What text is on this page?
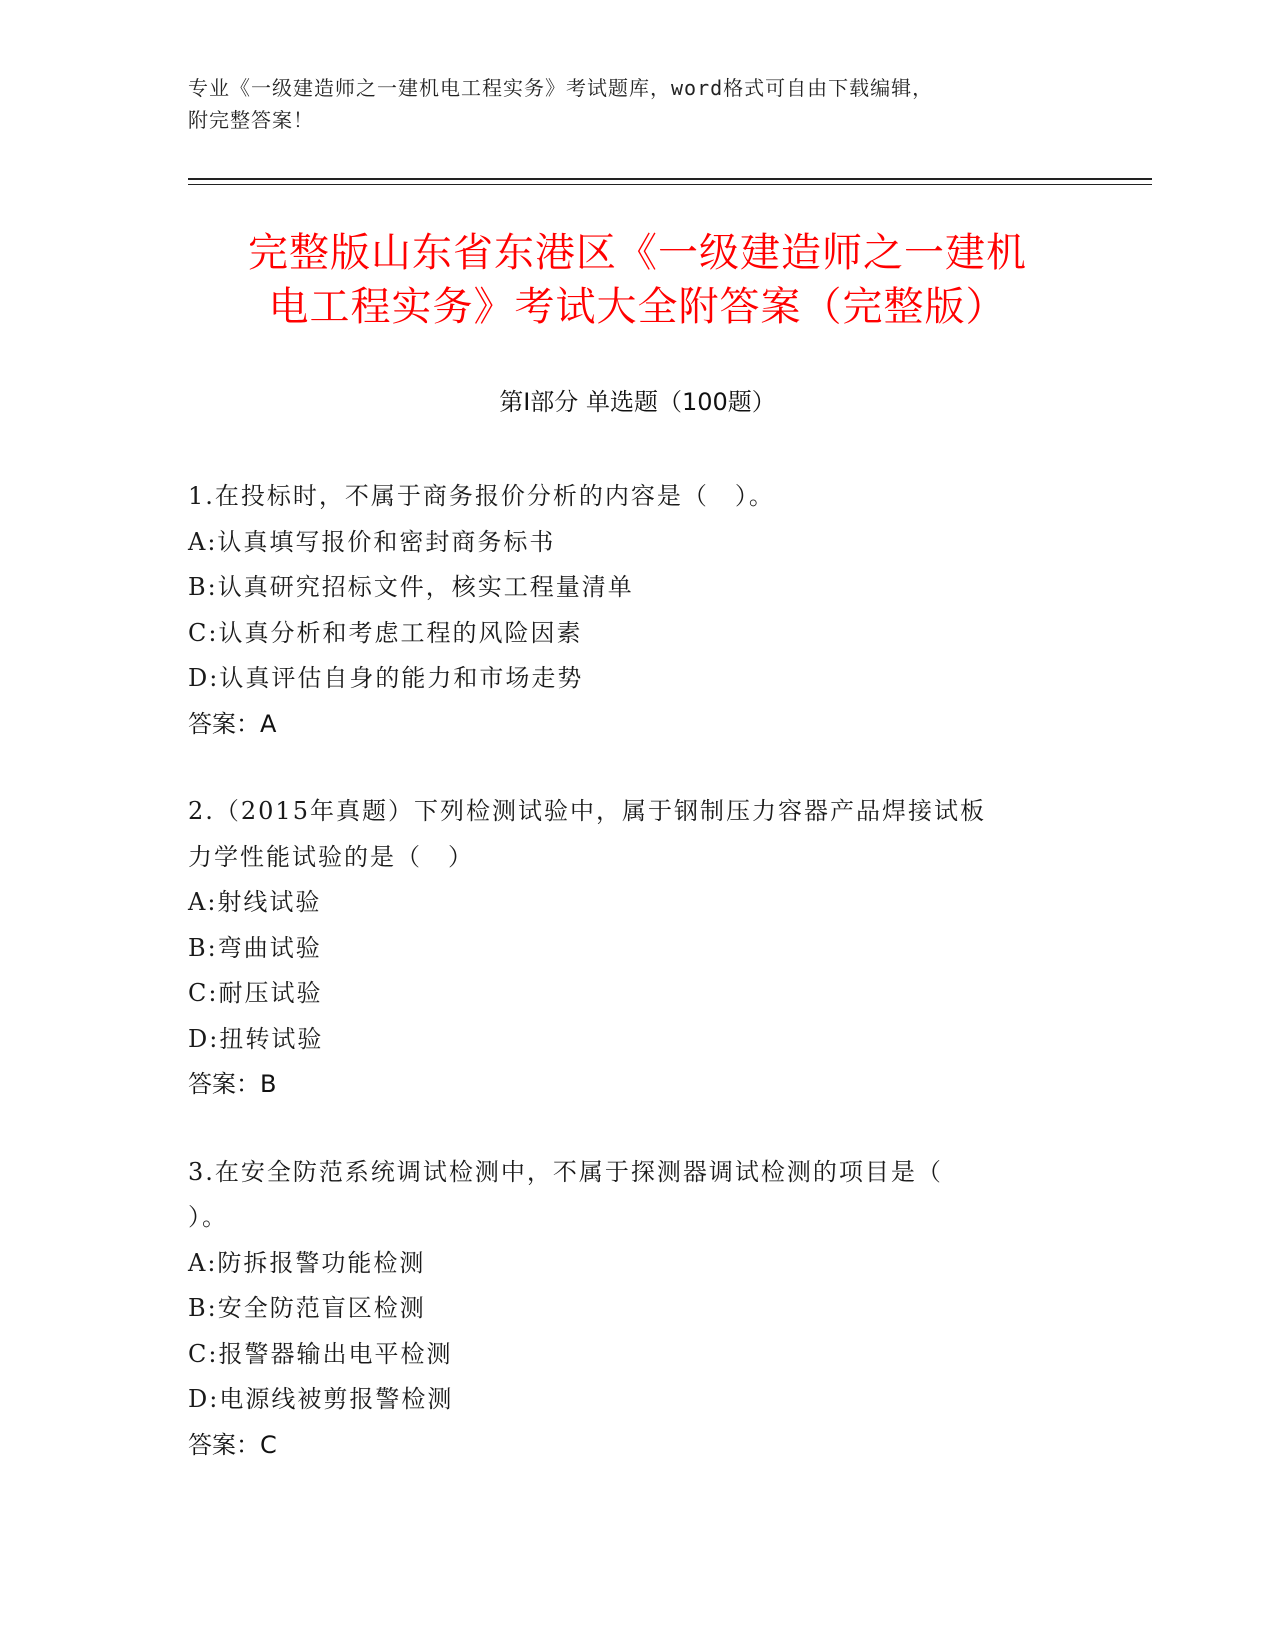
专业《一级建造师之一建机电工程实务》考试题库，word格式可自由下载编辑，
附完整答案！
完整版山东省东港区《一级建造师之一建机
电工程实务》考试大全附答案（完整版）
第Ⅰ部分 单选题（100题）
1.在投标时，不属于商务报价分析的内容是（　）。
A:认真填写报价和密封商务标书
B:认真研究招标文件，核实工程量清单
C:认真分析和考虑工程的风险因素
D:认真评估自身的能力和市场走势
答案：A
2.（2015年真题）下列检测试验中，属于钢制压力容器产品焊接试板
力学性能试验的是（　）
A:射线试验
B:弯曲试验
C:耐压试验
D:扭转试验
答案：B
3.在安全防范系统调试检测中，不属于探测器调试检测的项目是（
）。
A:防拆报警功能检测
B:安全防范盲区检测
C:报警器输出电平检测
D:电源线被剪报警检测
答案：C
